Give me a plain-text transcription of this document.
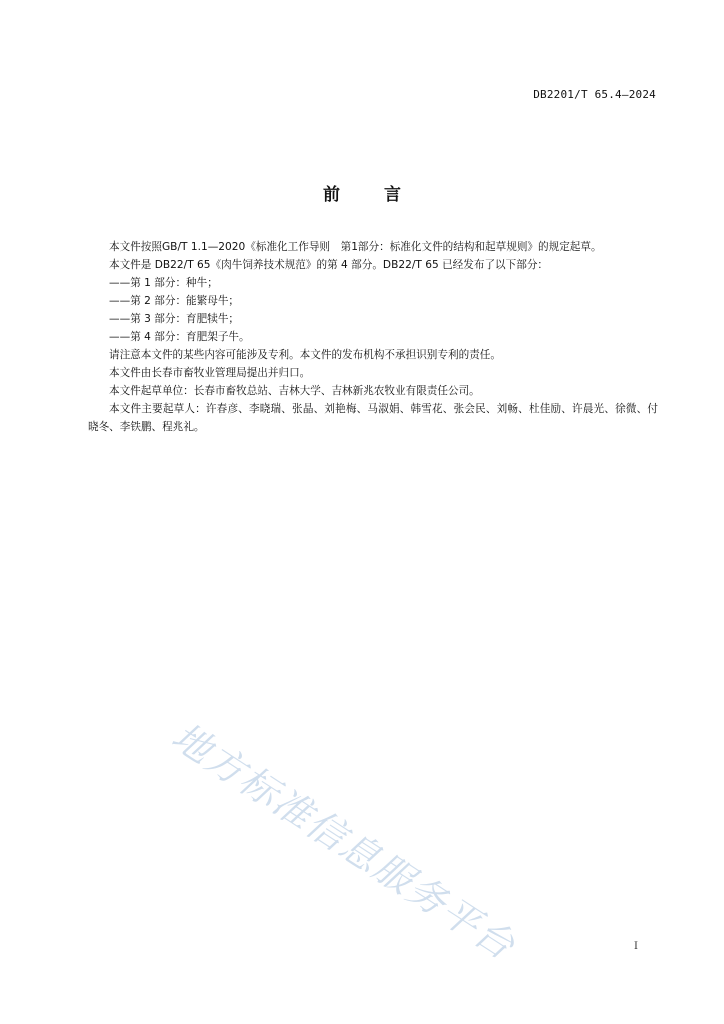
DB2201/T 65.4—2024
前言

本文件按照GB/T 1.1—2020《标准化工作导则　第1部分：标准化文件的结构和起草规则》的规定起草。

本文件是 DB22/T 65《肉牛饲养技术规范》的第 4 部分。DB22/T 65 已经发布了以下部分：

——第 1 部分：种牛；

——第 2 部分：能繁母牛；

——第 3 部分：育肥犊牛；

——第 4 部分：育肥架子牛。

请注意本文件的某些内容可能涉及专利。本文件的发布机构不承担识别专利的责任。

本文件由长春市畜牧业管理局提出并归口。

本文件起草单位：长春市畜牧总站、吉林大学、吉林新兆农牧业有限责任公司。

本文件主要起草人：许春彦、李晓瑞、张晶、刘艳梅、马淑娟、韩雪花、张会民、刘畅、杜佳励、许晨光、徐微、付晓冬、李铁鹏、程兆礼。

地方标准信息服务平台	I
